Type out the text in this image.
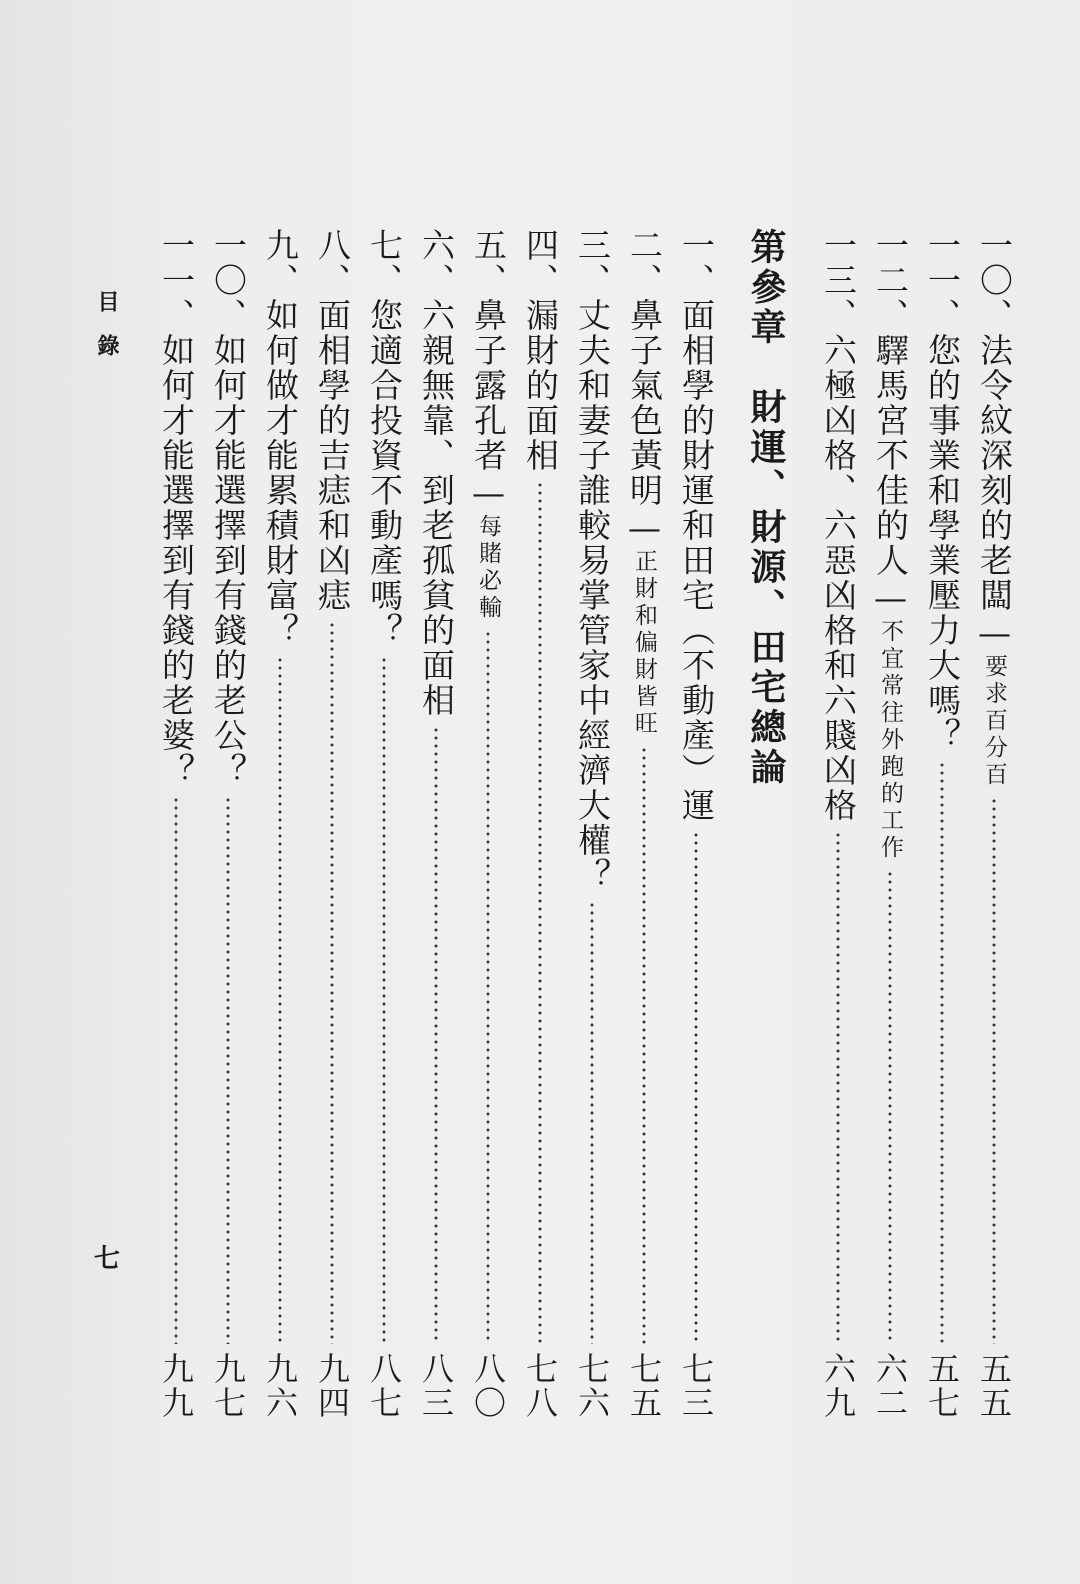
一〇、法令紋深刻的老闆—要求百分百
五五
一一、您的事業和學業壓力大嗎？
五七
一二、驛馬宮不佳的人—不宜常往外跑的工作
六二
一三、六極凶格、六惡凶格和六賤凶格
六九
第參章　財運、財源、田宅總論
一、面相學的財運和田宅（不動產）運
七三
二、鼻子氣色黃明—正財和偏財皆旺
七五
三、丈夫和妻子誰較易掌管家中經濟大權？
七六
四、漏財的面相
七八
五、鼻子露孔者—每賭必輸
八〇
六、六親無靠、到老孤貧的面相
八三
七、您適合投資不動產嗎？
八七
八、面相學的吉痣和凶痣
九四
九、如何做才能累積財富？
九六
一〇、如何才能選擇到有錢的老公？
九七
一一、如何才能選擇到有錢的老婆？
九九
目錄
七
